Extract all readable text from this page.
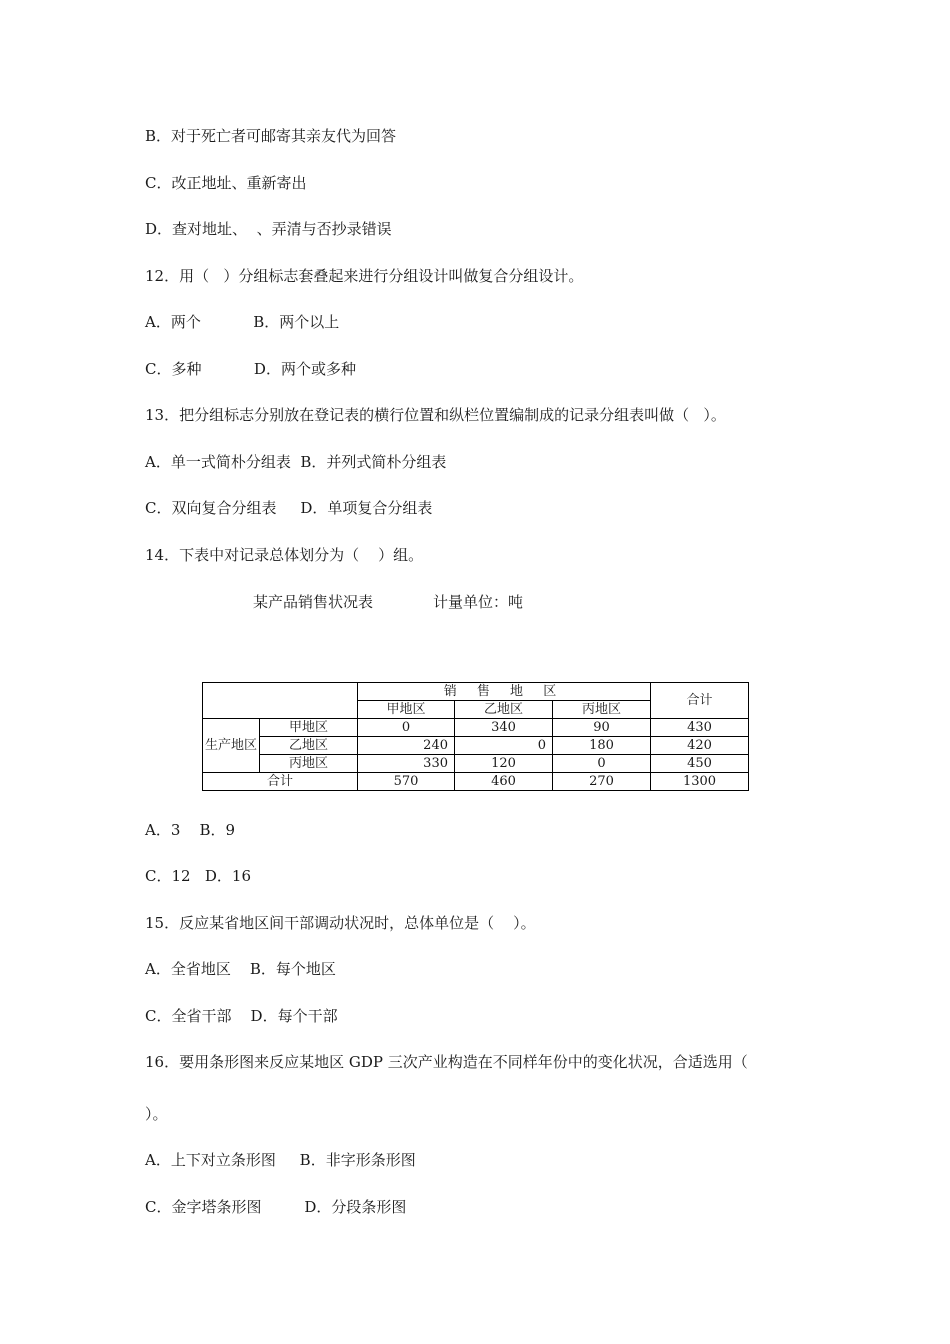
B．对于死亡者可邮寄其亲友代为回答
C．改正地址、重新寄出
D．查对地址、  、弄清与否抄录错误
12．用（   ）分组标志套叠起来进行分组设计叫做复合分组设计。
A．两个           B．两个以上
C．多种           D．两个或多种
13．把分组标志分别放在登记表的横行位置和纵栏位置编制成的记录分组表叫做（   ）。
A．单一式简朴分组表  B．并列式简朴分组表
C．双向复合分组表     D．单项复合分组表
14．下表中对记录总体划分为（    ）组。
某产品销售状况表	计量单位：吨
		销 售 地 区			合计
		甲地区	乙地区	丙地区	
生产地区	甲地区	0	340	90	430
	乙地区	240	0	180	420
	丙地区	330	120	0	450
合计		570	460	270	1300
A．3    B．9
C．12   D．16
15．反应某省地区间干部调动状况时，总体单位是（    ）。
A．全省地区    B．每个地区
C．全省干部    D．每个干部
16．要用条形图来反应某地区 GDP 三次产业构造在不同样年份中的变化状况，合适选用（
）。
A．上下对立条形图     B．非字形条形图
C．金字塔条形图         D．分段条形图
